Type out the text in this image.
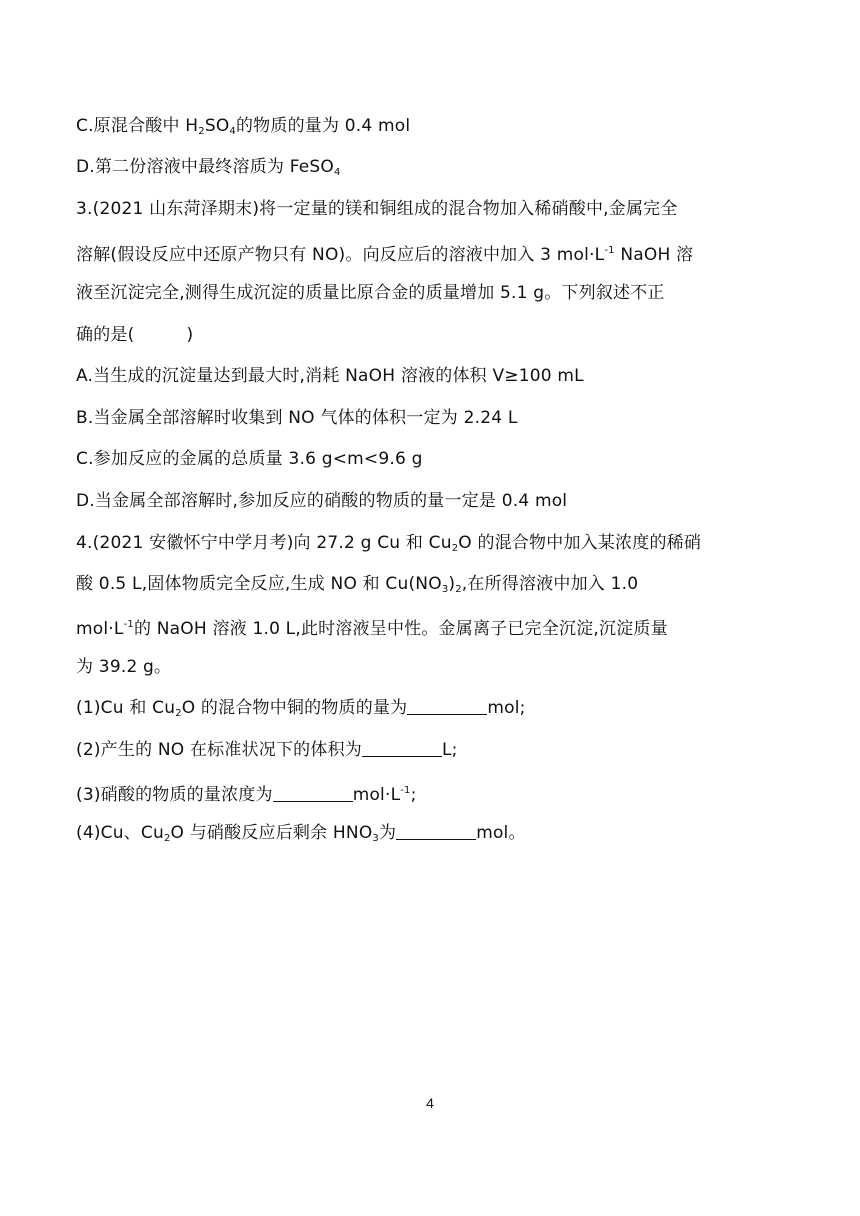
C.原混合酸中 $H_2SO_4$的物质的量为 0.4 mol
D.第二份溶液中最终溶质为 FeSO$_4$
3.(2021 山东菏泽期末)将一定量的镁和铜组成的混合物加入稀硝酸中,金属完全
溶解(假设反应中还原产物只有 NO)。向反应后的溶液中加入 3 $mol\cdot L^{-1}$ NaOH 溶
液至沉淀完全,测得生成沉淀的质量比原合金的质量增加 5.1 g。下列叙述不正
确的是(	)
A.当生成的沉淀量达到最大时,消耗 NaOH 溶液的体积 V≥100 mL
B.当金属全部溶解时收集到 NO 气体的体积一定为 2.24 L
C.参加反应的金属的总质量 3.6 g<m<9.6 g
D.当金属全部溶解时,参加反应的硝酸的物质的量一定是 0.4 mol
4.(2021 安徽怀宁中学月考)向 27.2 g Cu 和 $Cu_2O$ 的混合物中加入某浓度的稀硝
酸 0.5 L,固体物质完全反应,生成 NO 和 $Cu(NO_3)_2$,在所得溶液中加入 1.0
$mol\cdot L^{-1}$的 NaOH 溶液 1.0 L,此时溶液呈中性。金属离子已完全沉淀,沉淀质量
为 39.2 g。
(1)Cu 和 $Cu_2O$ 的混合物中铜的物质的量为	mol;
(2)产生的 NO 在标准状况下的体积为	L;
(3)硝酸的物质的量浓度为	$mol\cdot L^{-1}$;
(4)Cu、$Cu_2O$ 与硝酸反应后剩余 $HNO_3$为	mol。
4
